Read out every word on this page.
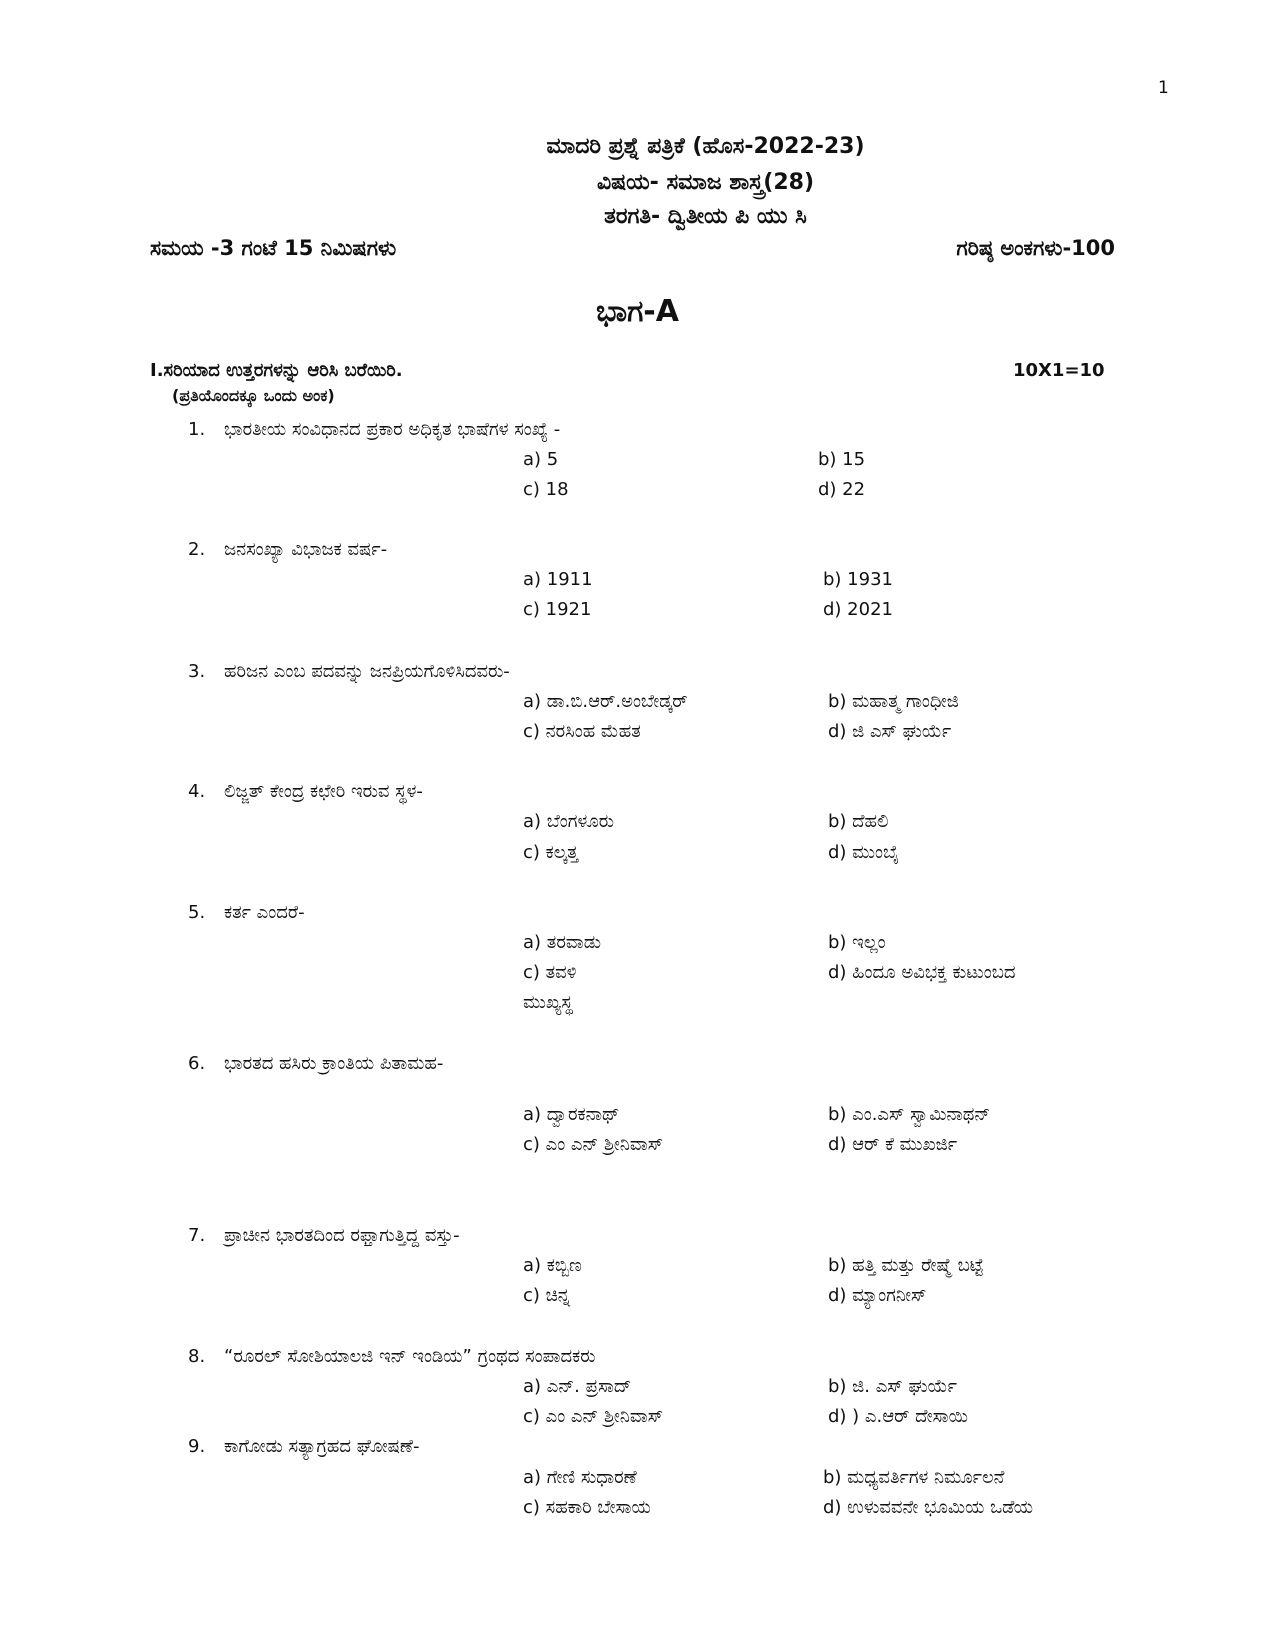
1
ಮಾದರಿ ಪ್ರಶ್ನೆ ಪತ್ರಿಕೆ (ಹೊಸ-2022-23)
ವಿಷಯ- ಸಮಾಜ ಶಾಸ್ತ್ರ(28)
ತರಗತಿ- ದ್ವಿತೀಯ ಪಿ ಯು ಸಿ
ಸಮಯ -3 ಗಂಟೆ 15 ನಿಮಿಷಗಳು	ಗರಿಷ್ಠ ಅಂಕಗಳು-100
ಭಾಗ-A
I.ಸರಿಯಾದ ಉತ್ತರಗಳನ್ನು ಆರಿಸಿ ಬರೆಯಿರಿ.	10X1=10
(ಪ್ರತಿಯೊಂದಕ್ಕೂ ಒಂದು ಅಂಕ)
1. ಭಾರತೀಯ ಸಂವಿಧಾನದ ಪ್ರಕಾರ ಅಧಿಕೃತ ಭಾಷೆಗಳ ಸಂಖ್ಯೆ -
a) 5	b) 15
c) 18	d) 22
2. ಜನಸಂಖ್ಯಾ ವಿಭಾಜಕ ವರ್ಷ-
a) 1911	b) 1931
c) 1921	d) 2021
3. ಹರಿಜನ ಎಂಬ ಪದವನ್ನು ಜನಪ್ರಿಯಗೊಳಿಸಿದವರು-
a) ಡಾ.ಬಿ.ಆರ್.ಅಂಬೇಡ್ಕರ್	b) ಮಹಾತ್ಮ ಗಾಂಧೀಜಿ
c) ನರಸಿಂಹ ಮೆಹತ	d) ಜಿ ಎಸ್ ಘುರ್ಯೆ
4. ಲಿಜ್ಜತ್ ಕೇಂದ್ರ ಕಛೇರಿ ಇರುವ ಸ್ಥಳ-
a) ಬೆಂಗಳೂರು	b) ದೆಹಲಿ
c) ಕಲ್ಕತ್ತ	d) ಮುಂಬೈ
5. ಕರ್ತ ಎಂದರೆ-
a) ತರವಾಡು	b) ಇಲ್ಲಂ
c) ತವಳಿ	d) ಹಿಂದೂ ಅವಿಭಕ್ತ ಕುಟುಂಬದ
ಮುಖ್ಯಸ್ಥ
6. ಭಾರತದ ಹಸಿರು ಕ್ರಾಂತಿಯ ಪಿತಾಮಹ-
a) ದ್ವಾರಕನಾಥ್	b) ಎಂ.ಎಸ್ ಸ್ವಾಮಿನಾಥನ್
c) ಎಂ ಎನ್ ಶ್ರೀನಿವಾಸ್	d) ಆರ್ ಕೆ ಮುಖರ್ಜಿ
7. ಪ್ರಾಚೀನ ಭಾರತದಿಂದ ರಫ್ತಾಗುತ್ತಿದ್ದ ವಸ್ತು-
a) ಕಬ್ಬಿಣ	b) ಹತ್ತಿ ಮತ್ತು ರೇಷ್ಮೆ ಬಟ್ಟೆ
c) ಚಿನ್ನ	d) ಮ್ಯಾಂಗನೀಸ್
8. “ರೂರಲ್ ಸೋಶಿಯಾಲಜಿ ಇನ್ ಇಂಡಿಯ” ಗ್ರಂಥದ ಸಂಪಾದಕರು
a) ಎನ್. ಪ್ರಸಾದ್	b) ಜಿ. ಎಸ್ ಘುರ್ಯೆ
c) ಎಂ ಎನ್ ಶ್ರೀನಿವಾಸ್	d) ) ಎ.ಆರ್ ದೇಸಾಯಿ
9. ಕಾಗೋಡು ಸತ್ಯಾಗ್ರಹದ ಘೋಷಣೆ-
a) ಗೇಣಿ ಸುಧಾರಣೆ	b) ಮಧ್ಯವರ್ತಿಗಳ ನಿರ್ಮೂಲನೆ
c) ಸಹಕಾರಿ ಬೇಸಾಯ	d) ಉಳುವವನೇ ಭೂಮಿಯ ಒಡೆಯ
